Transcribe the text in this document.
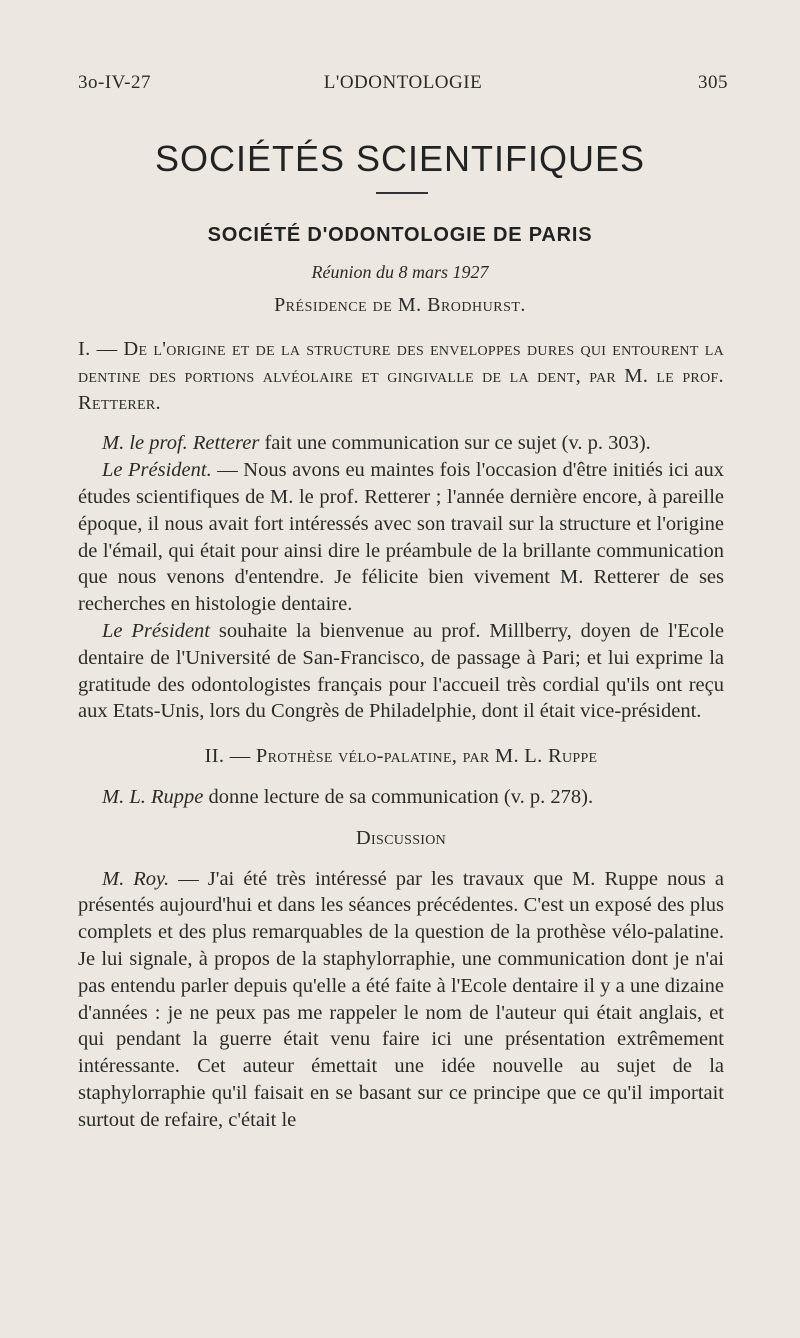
3o-IV-27	L'ODONTOLOGIE	305
SOCIÉTÉS SCIENTIFIQUES
SOCIÉTÉ D'ODONTOLOGIE DE PARIS
Réunion du 8 mars 1927
Présidence de M. Brodhurst.

I. — De l'origine et de la structure des enveloppes dures qui entourent la dentine des portions alvéolaire et gingivalle de la dent, par M. le prof. Retterer.

M. le prof. Retterer fait une communication sur ce sujet (v. p. 303).

Le Président. — Nous avons eu maintes fois l'occasion d'être initiés ici aux études scientifiques de M. le prof. Retterer ; l'année dernière encore, à pareille époque, il nous avait fort intéressés avec son travail sur la structure et l'origine de l'émail, qui était pour ainsi dire le préambule de la brillante communication que nous venons d'entendre. Je félicite bien vivement M. Retterer de ses recherches en histologie dentaire.

Le Président souhaite la bienvenue au prof. Millberry, doyen de l'Ecole dentaire de l'Université de San-Francisco, de passage à Pari; et lui exprime la gratitude des odontologistes français pour l'accueil très cordial qu'ils ont reçu aux Etats-Unis, lors du Congrès de Philadelphie, dont il était vice-président.

II. — Prothèse vélo-palatine, par M. L. Ruppe

M. L. Ruppe donne lecture de sa communication (v. p. 278).

Discussion

M. Roy. — J'ai été très intéressé par les travaux que M. Ruppe nous a présentés aujourd'hui et dans les séances précédentes. C'est un exposé des plus complets et des plus remarquables de la question de la prothèse vélo-palatine. Je lui signale, à propos de la staphylorraphie, une communication dont je n'ai pas entendu parler depuis qu'elle a été faite à l'Ecole dentaire il y a une dizaine d'années : je ne peux pas me rappeler le nom de l'auteur qui était anglais, et qui pendant la guerre était venu faire ici une présentation extrêmement intéressante. Cet auteur émettait une idée nouvelle au sujet de la staphylorraphie qu'il faisait en se basant sur ce principe que ce qu'il importait surtout de refaire, c'était le
